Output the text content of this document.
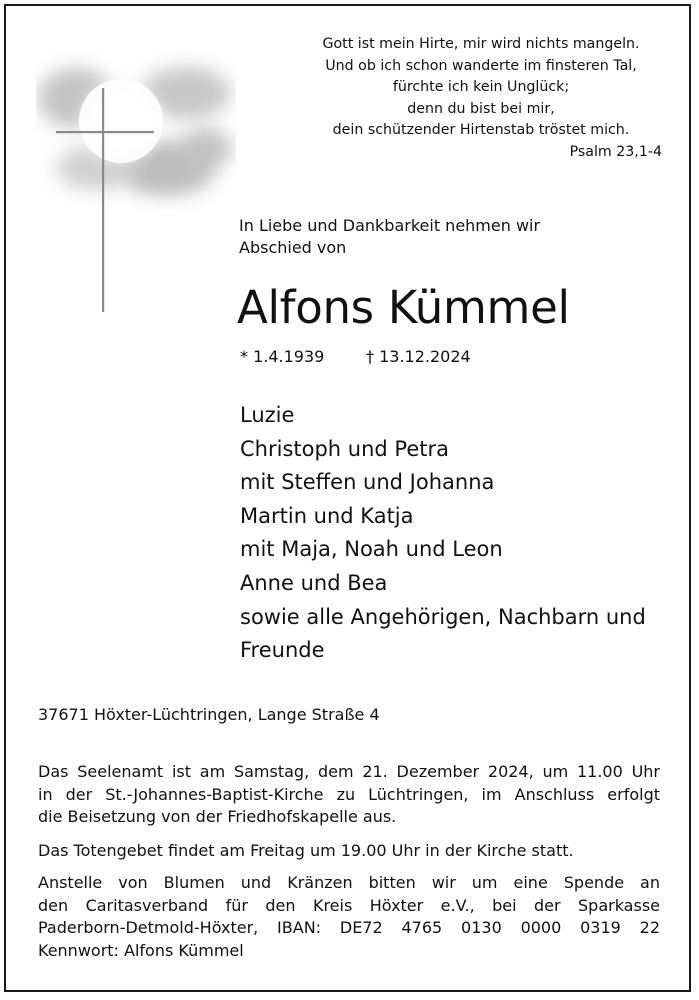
Gott ist mein Hirte, mir wird nichts mangeln.
Und ob ich schon wanderte im finsteren Tal,
fürchte ich kein Unglück;
denn du bist bei mir,
dein schützender Hirtenstab tröstet mich.
Psalm 23,1-4
In Liebe und Dankbarkeit nehmen wir
Abschied von
Alfons Kümmel
* 1.4.1939	† 13.12.2024
Luzie
Christoph und Petra
mit Steffen und Johanna
Martin und Katja
mit Maja, Noah und Leon
Anne und Bea
sowie alle Angehörigen, Nachbarn und
Freunde
37671 Höxter-Lüchtringen, Lange Straße 4
Das Seelenamt ist am Samstag, dem 21. Dezember 2024, um 11.00 Uhr
in der St.-Johannes-Baptist-Kirche zu Lüchtringen, im Anschluss erfolgt
die Beisetzung von der Friedhofskapelle aus.
Das Totengebet findet am Freitag um 19.00 Uhr in der Kirche statt.
Anstelle von Blumen und Kränzen bitten wir um eine Spende an
den Caritasverband für den Kreis Höxter e.V., bei der Sparkasse
Paderborn-Detmold-Höxter, IBAN: DE72 4765 0130 0000 0319 22
Kennwort: Alfons Kümmel
